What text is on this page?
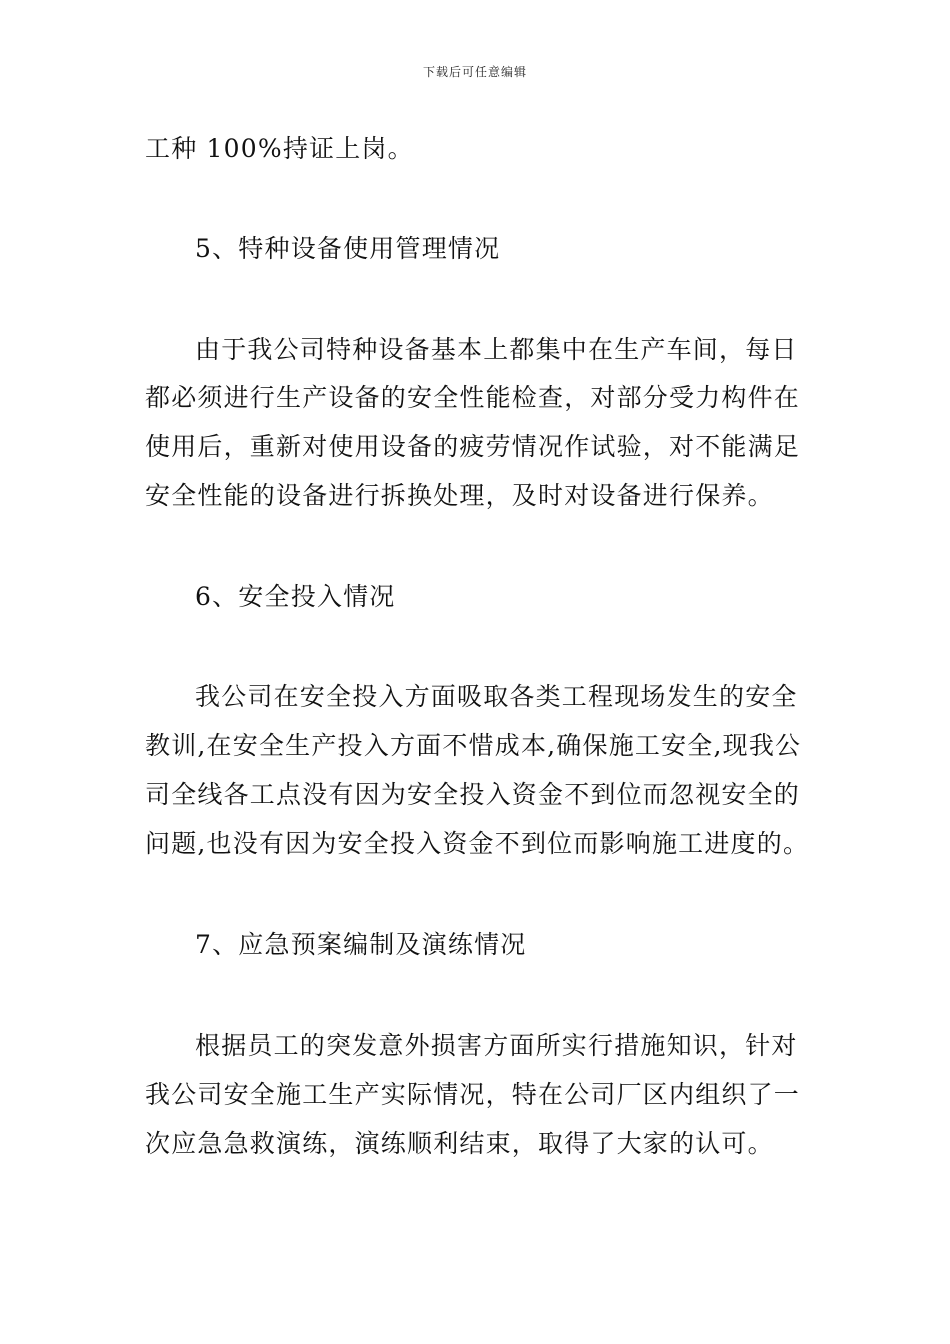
下载后可任意编辑
工种 100%持证上岗。
5、特种设备使用管理情况
由于我公司特种设备基本上都集中在生产车间，每日
都必须进行生产设备的安全性能检查，对部分受力构件在
使用后，重新对使用设备的疲劳情况作试验，对不能满足
安全性能的设备进行拆换处理，及时对设备进行保养。
6、安全投入情况
我公司在安全投入方面吸取各类工程现场发生的安全
教训,在安全生产投入方面不惜成本,确保施工安全,现我公
司全线各工点没有因为安全投入资金不到位而忽视安全的
问题,也没有因为安全投入资金不到位而影响施工进度的。
7、应急预案编制及演练情况
根据员工的突发意外损害方面所实行措施知识，针对
我公司安全施工生产实际情况，特在公司厂区内组织了一
次应急急救演练，演练顺利结束，取得了大家的认可。
